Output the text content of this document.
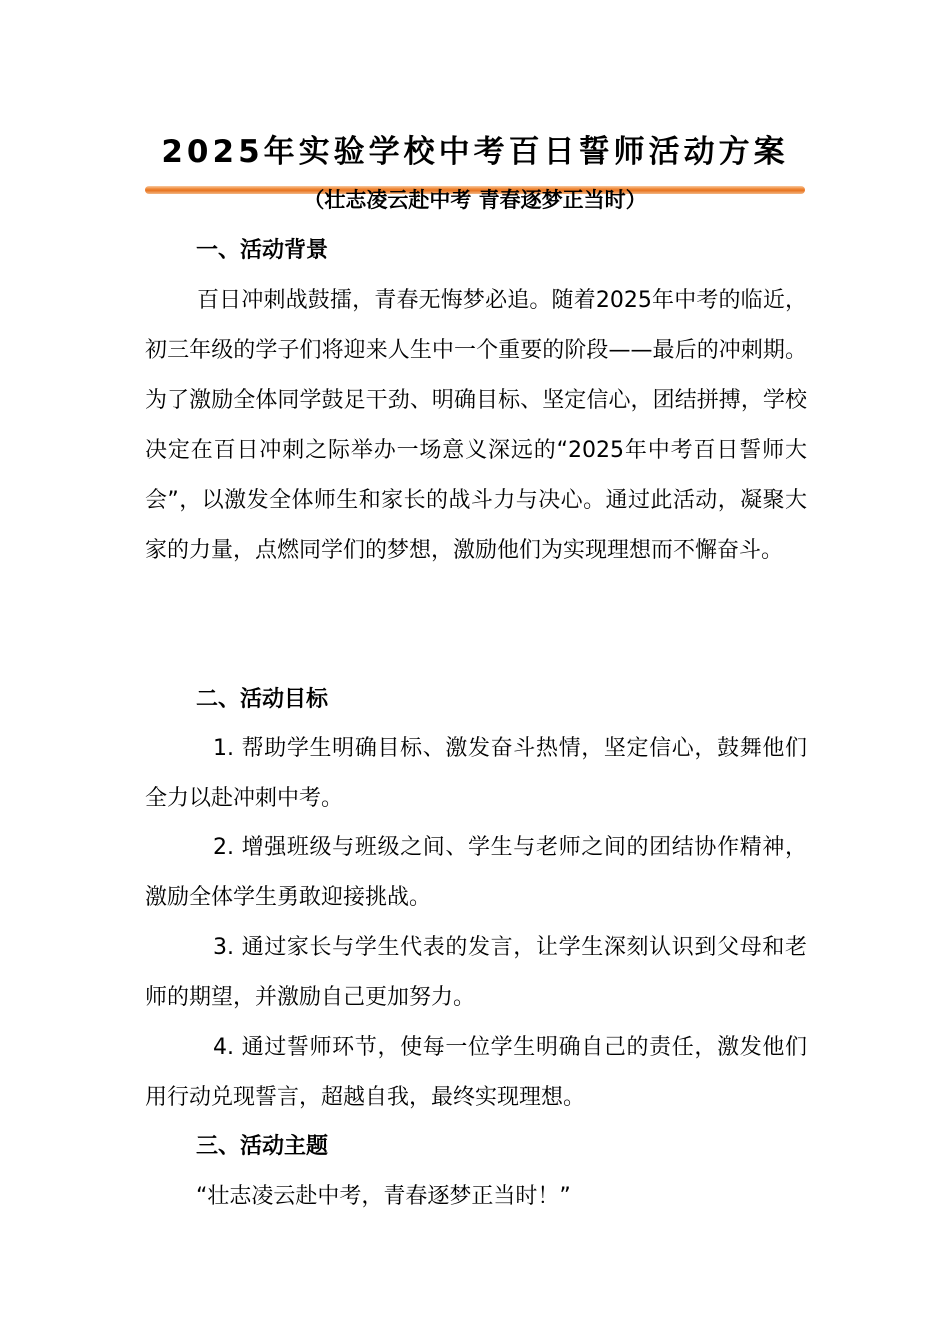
2025年实验学校中考百日誓师活动方案
（壮志凌云赴中考 青春逐梦正当时）
一、活动背景

百日冲刺战鼓擂，青春无悔梦必追。随着2025年中考的临近，初三年级的学子们将迎来人生中一个重要的阶段——最后的冲刺期。为了激励全体同学鼓足干劲、明确目标、坚定信心，团结拼搏，学校决定在百日冲刺之际举办一场意义深远的“2025年中考百日誓师大会”，以激发全体师生和家长的战斗力与决心。通过此活动，凝聚大家的力量，点燃同学们的梦想，激励他们为实现理想而不懈奋斗。

二、活动目标

1. 帮助学生明确目标、激发奋斗热情，坚定信心，鼓舞他们全力以赴冲刺中考。

2. 增强班级与班级之间、学生与老师之间的团结协作精神，激励全体学生勇敢迎接挑战。

3. 通过家长与学生代表的发言，让学生深刻认识到父母和老师的期望，并激励自己更加努力。

4. 通过誓师环节，使每一位学生明确自己的责任，激发他们用行动兑现誓言，超越自我，最终实现理想。

三、活动主题

“壮志凌云赴中考，青春逐梦正当时！”
